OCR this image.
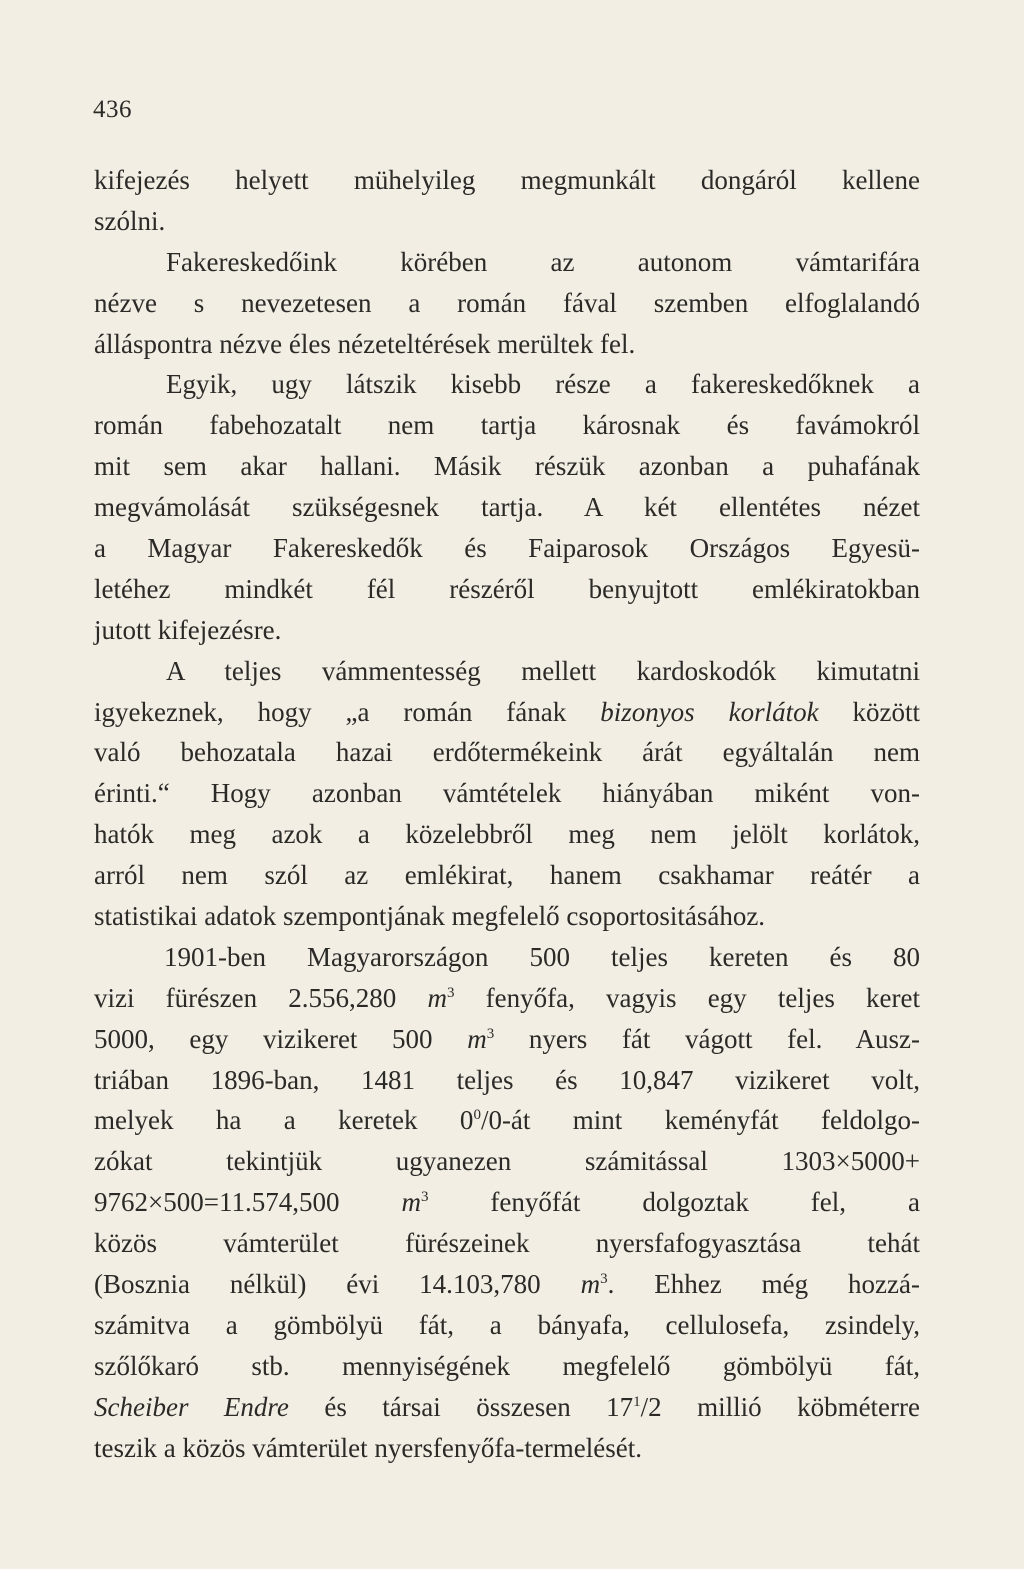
436
kifejezés helyett mühelyileg megmunkált dongáról kellene
szólni.
Fakereskedőink körében az autonom vámtarifára
nézve s nevezetesen a román fával szemben elfoglalandó
álláspontra nézve éles nézeteltérések merültek fel.
Egyik, ugy látszik kisebb része a fakereskedőknek a
román fabehozatalt nem tartja károsnak és favámokról
mit sem akar hallani. Másik részük azonban a puhafának
megvámolását szükségesnek tartja. A két ellentétes nézet
a Magyar Fakereskedők és Faiparosok Országos Egyesü-
letéhez mindkét fél részéről benyujtott emlékiratokban
jutott kifejezésre.
A teljes vámmentesség mellett kardoskodók kimutatni
igyekeznek, hogy „a román fának bizonyos korlátok között
való behozatala hazai erdőtermékeink árát egyáltalán nem
érinti.“ Hogy azonban vámtételek hiányában miként von-
hatók meg azok a közelebbről meg nem jelölt korlátok,
arról nem szól az emlékirat, hanem csakhamar reátér a
statistikai adatok szempontjának megfelelő csoportositásához.
1901-ben Magyarországon 500 teljes kereten és 80
vizi fürészen 2.556,280 $m^3$ fenyőfa, vagyis egy teljes keret
5000, egy vizikeret 500 $m^3$ nyers fát vágott fel. Ausz-
triában 1896-ban, 1481 teljes és 10,847 vizikeret volt,
melyek ha a keretek $0^0/0-át$ mint keményfát feldolgo-
zókat tekintjük ugyanezen számitással 1303×5000+
9762×500=11.574,500 $m^3$ fenyőfát dolgoztak fel, a
közös vámterület fürészeinek nyersfafogyasztása tehát
(Bosznia nélkül) évi 14.103,780 $m^3$. Ehhez még hozzá-
számitva a gömbölyü fát, a bányafa, cellulosefa, zsindely,
szőlőkaró stb. mennyiségének megfelelő gömbölyü fát,
Scheiber Endre és társai összesen $17^1/2$ millió köbméterre
teszik a közös vámterület nyersfenyőfa-termelését.
